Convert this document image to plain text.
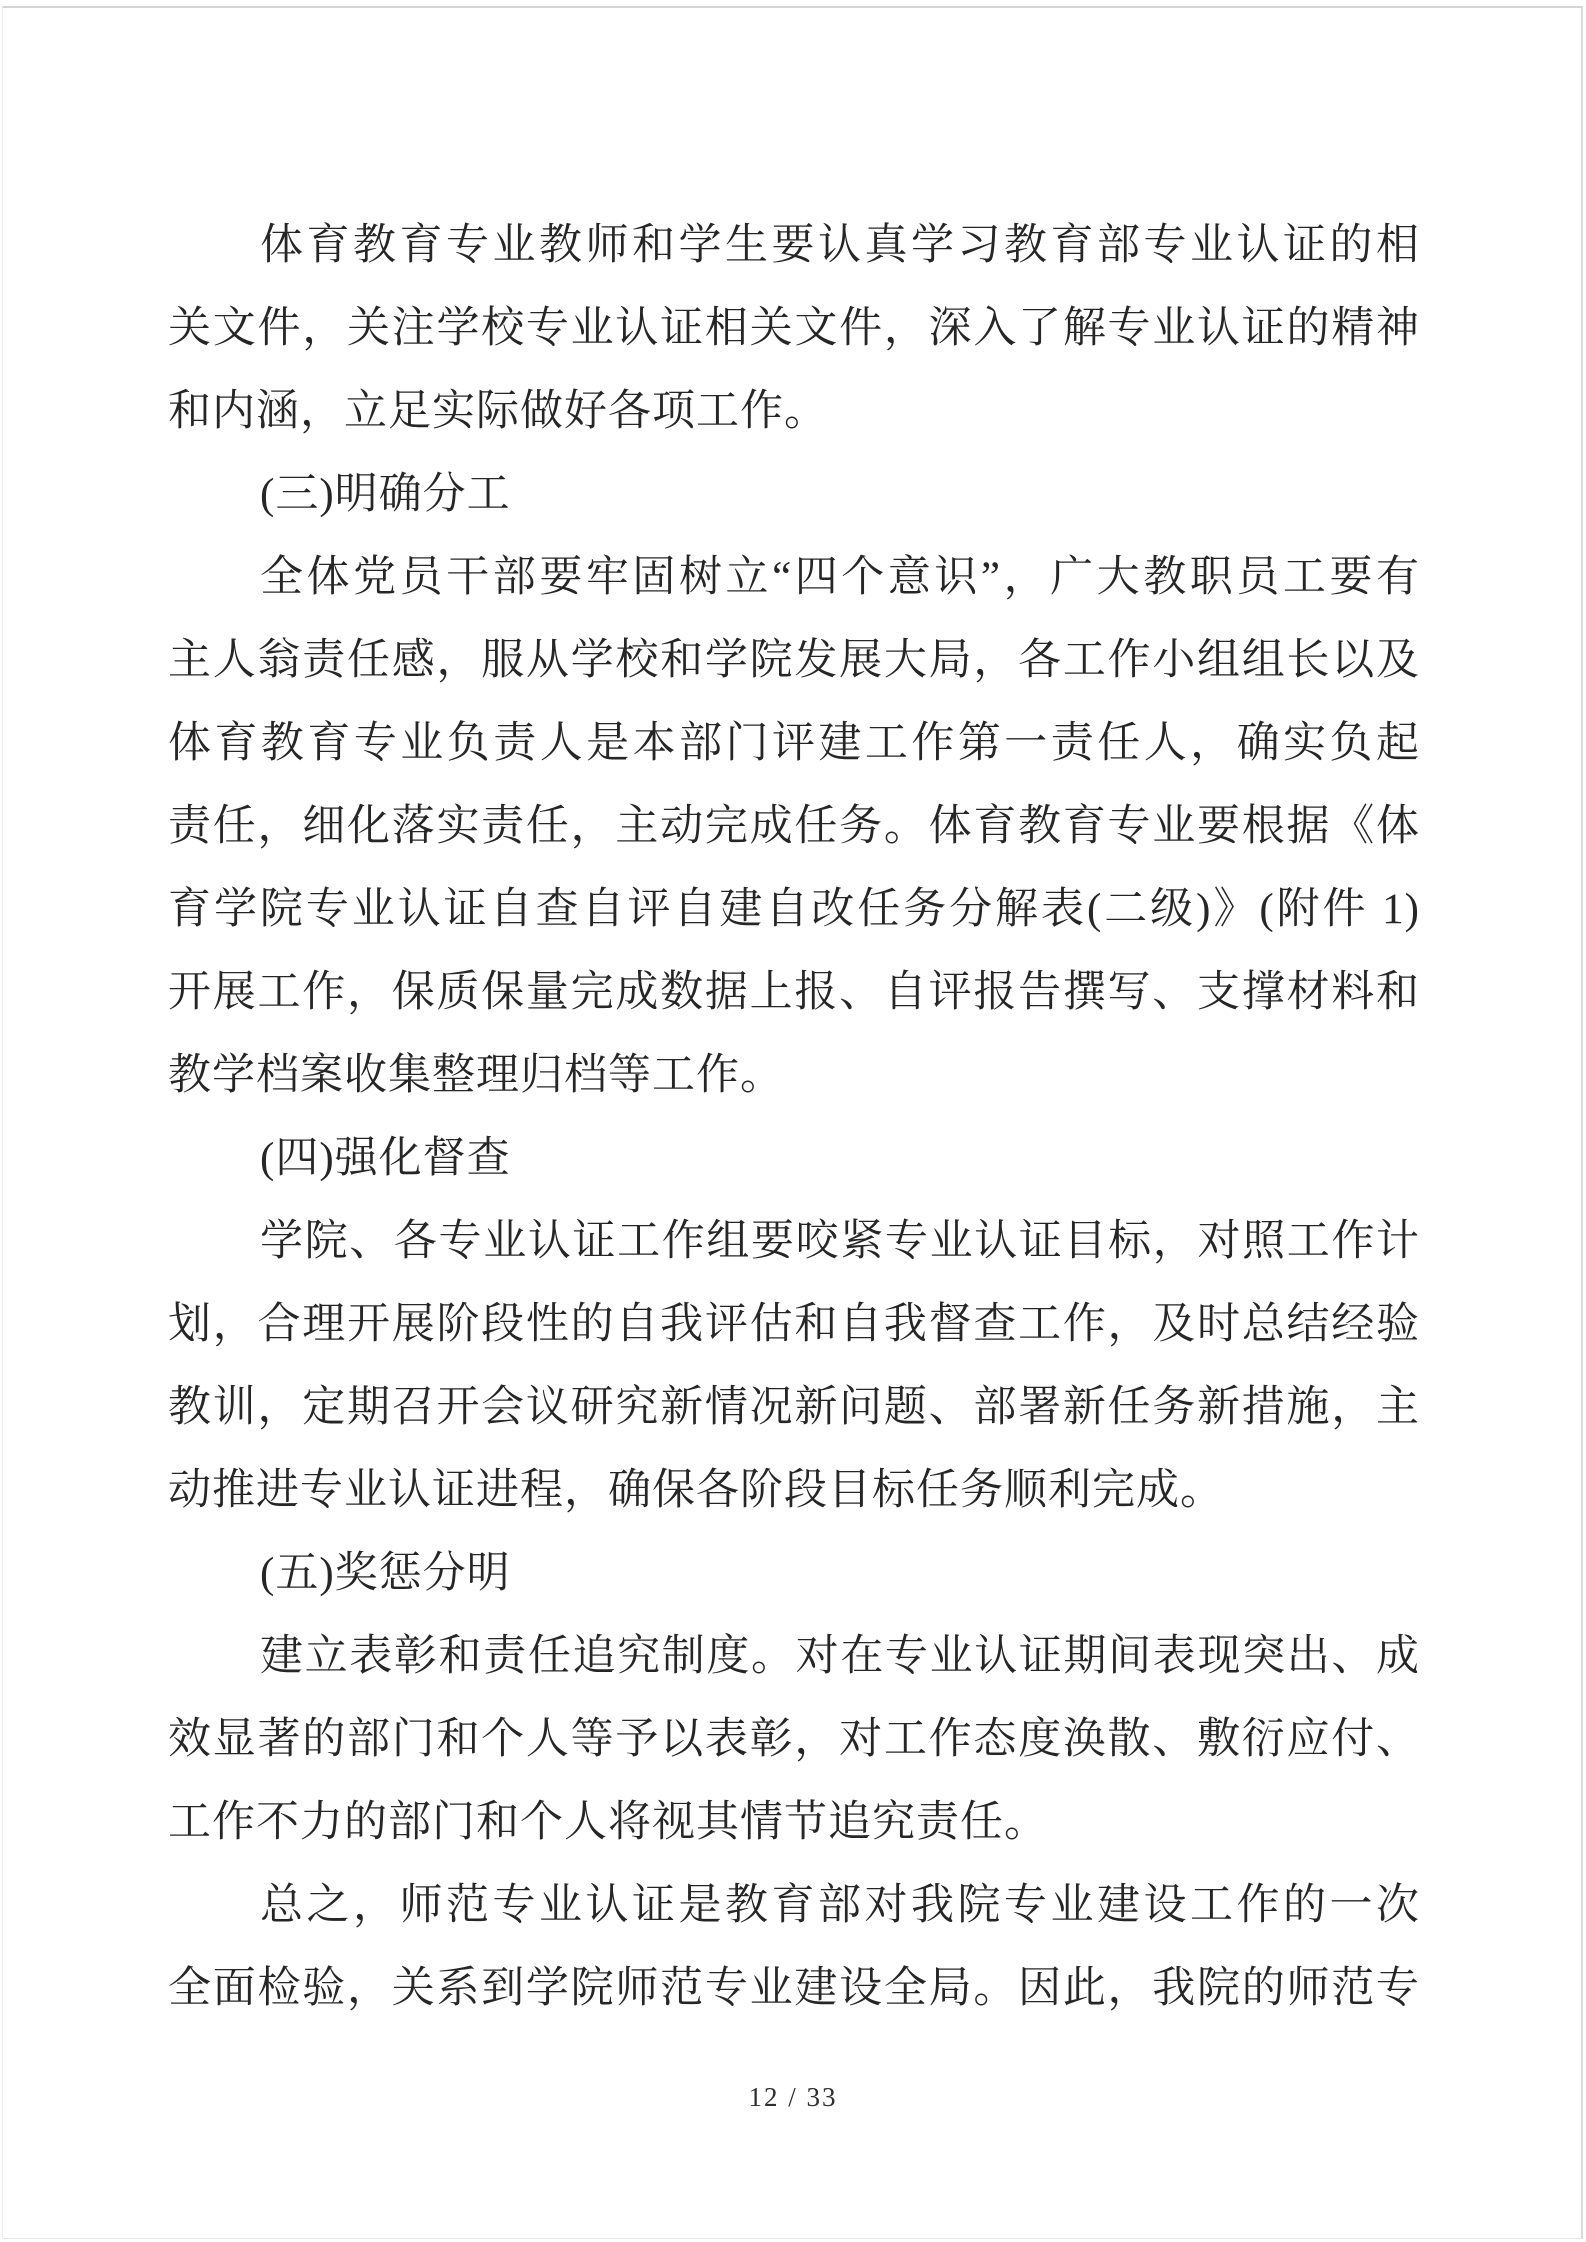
体育教育专业教师和学生要认真学习教育部专业认证的相
关文件，关注学校专业认证相关文件，深入了解专业认证的精神
和内涵，立足实际做好各项工作。
(三)明确分工
全体党员干部要牢固树立“四个意识”，广大教职员工要有
主人翁责任感，服从学校和学院发展大局，各工作小组组长以及
体育教育专业负责人是本部门评建工作第一责任人，确实负起
责任，细化落实责任，主动完成任务。体育教育专业要根据《体
育学院专业认证自查自评自建自改任务分解表(二级)》(附件 1)
开展工作，保质保量完成数据上报、自评报告撰写、支撑材料和
教学档案收集整理归档等工作。
(四)强化督查
学院、各专业认证工作组要咬紧专业认证目标，对照工作计
划，合理开展阶段性的自我评估和自我督查工作，及时总结经验
教训，定期召开会议研究新情况新问题、部署新任务新措施，主
动推进专业认证进程，确保各阶段目标任务顺利完成。
(五)奖惩分明
建立表彰和责任追究制度。对在专业认证期间表现突出、成
效显著的部门和个人等予以表彰，对工作态度涣散、敷衍应付、
工作不力的部门和个人将视其情节追究责任。
总之，师范专业认证是教育部对我院专业建设工作的一次
全面检验，关系到学院师范专业建设全局。因此，我院的师范专
12 / 33
